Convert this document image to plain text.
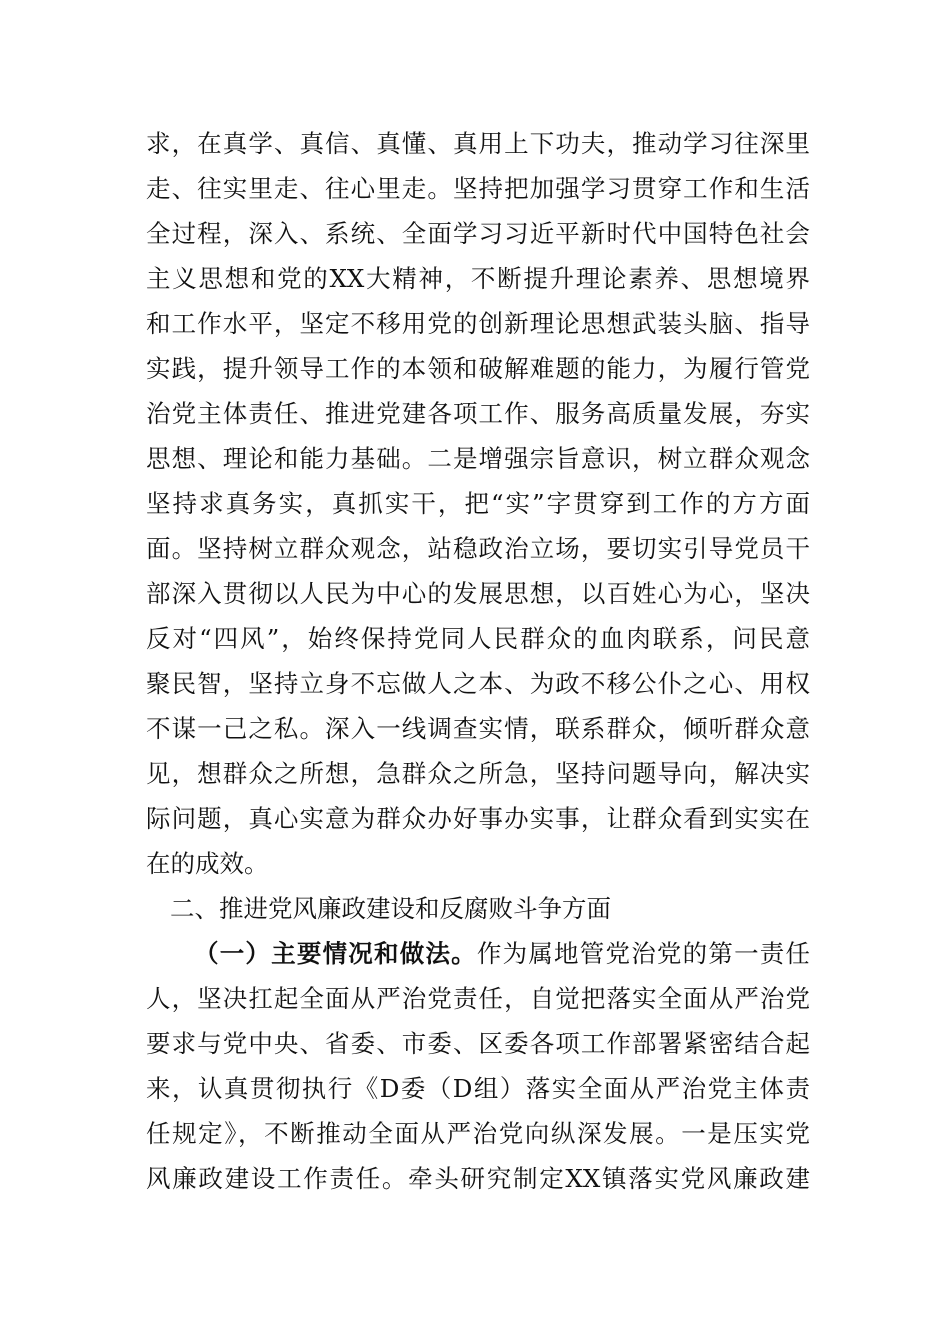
求，在真学、真信、真懂、真用上下功夫，推动学习往深里
走、往实里走、往心里走。坚持把加强学习贯穿工作和生活
全过程，深入、系统、全面学习习近平新时代中国特色社会
主义思想和党的XX大精神，不断提升理论素养、思想境界
和工作水平，坚定不移用党的创新理论思想武装头脑、指导
实践，提升领导工作的本领和破解难题的能力，为履行管党
治党主体责任、推进党建各项工作、服务高质量发展，夯实
思想、理论和能力基础。二是增强宗旨意识，树立群众观念
坚持求真务实，真抓实干，把“实”字贯穿到工作的方方面
面。坚持树立群众观念，站稳政治立场，要切实引导党员干
部深入贯彻以人民为中心的发展思想，以百姓心为心，坚决
反对“四风”，始终保持党同人民群众的血肉联系，问民意
聚民智，坚持立身不忘做人之本、为政不移公仆之心、用权
不谋一己之私。深入一线调查实情，联系群众，倾听群众意
见，想群众之所想，急群众之所急，坚持问题导向，解决实
际问题，真心实意为群众办好事办实事，让群众看到实实在
在的成效。
二、推进党风廉政建设和反腐败斗争方面
（一）主要情况和做法。作为属地管党治党的第一责任
人，坚决扛起全面从严治党责任，自觉把落实全面从严治党
要求与党中央、省委、市委、区委各项工作部署紧密结合起
来，认真贯彻执行《D委（D组）落实全面从严治党主体责
任规定》，不断推动全面从严治党向纵深发展。一是压实党
风廉政建设工作责任。牵头研究制定XX镇落实党风廉政建
